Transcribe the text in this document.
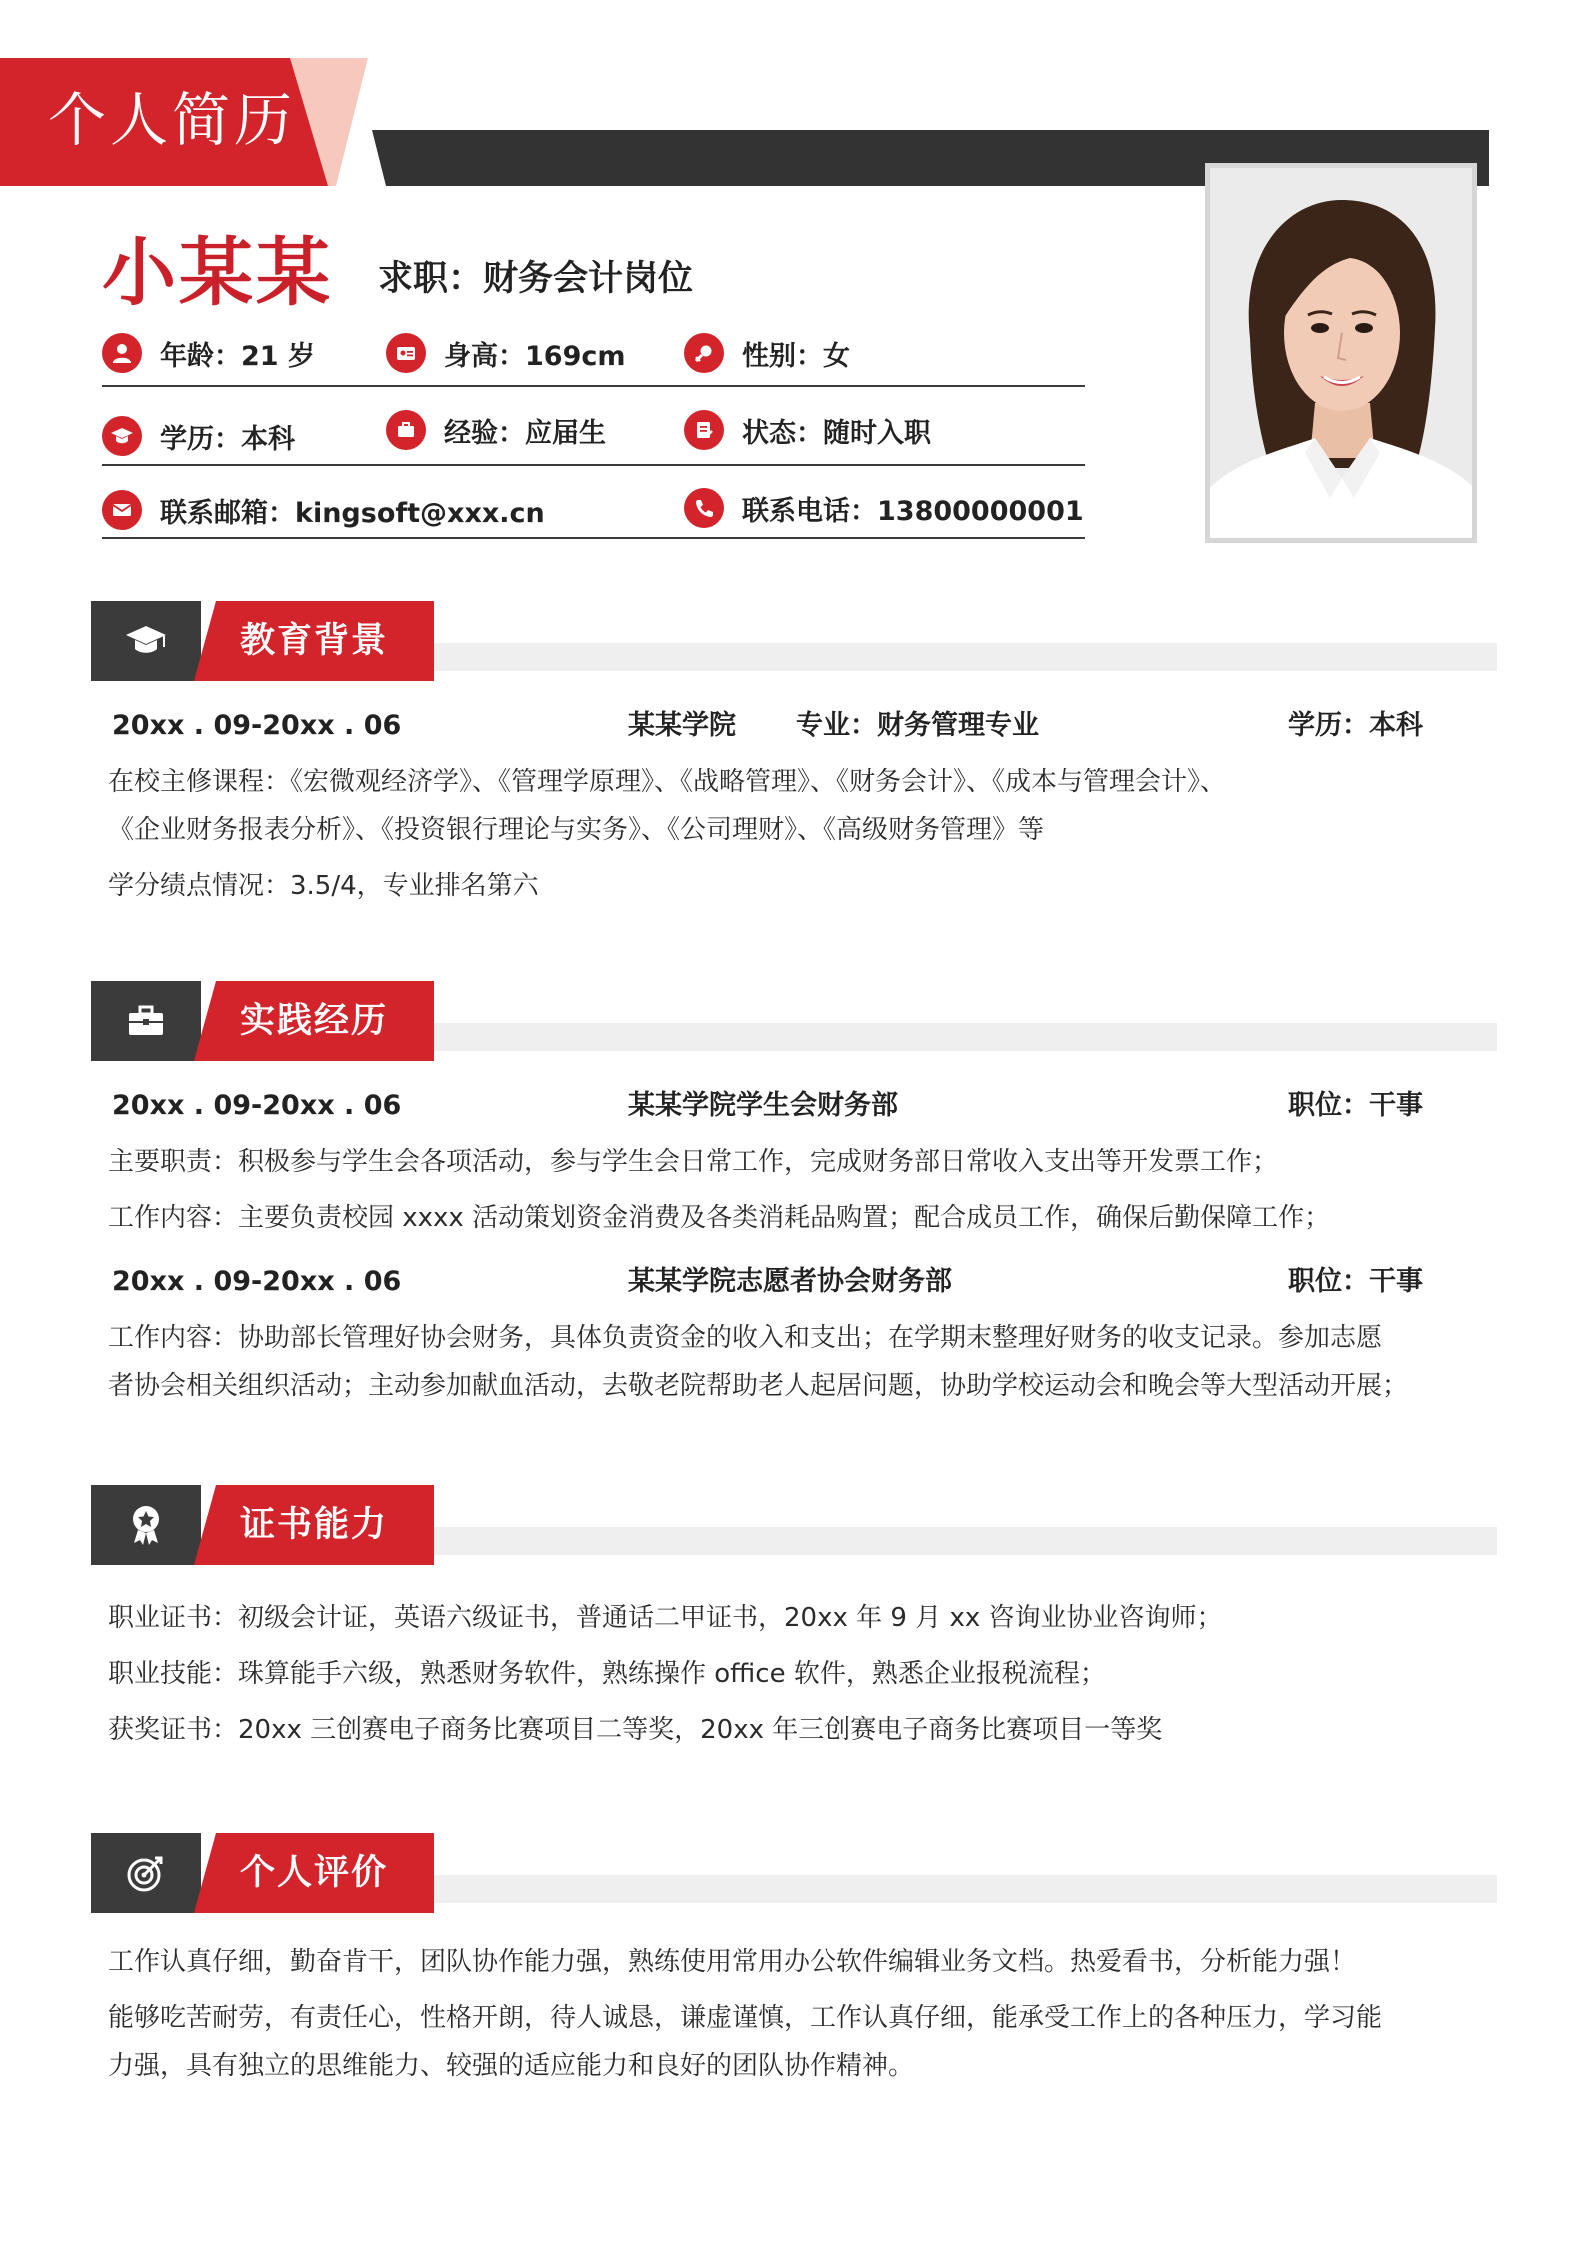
个人简历
小某某 求职：财务会计岗位
年龄：21 岁	身高：169cm	性别：女
学历：本科	经验：应届生	状态：随时入职
联系邮箱：kingsoft@xxx.cn	联系电话：13800000001
教育背景
20xx . 09-20xx . 06	某某学院 专业：财务管理专业	学历：本科
在校主修课程：《宏微观经济学》、《管理学原理》、《战略管理》、《财务会计》、《成本与管理会计》、
《企业财务报表分析》、《投资银行理论与实务》、《公司理财》、《高级财务管理》等
学分绩点情况：3.5/4，专业排名第六
实践经历
20xx . 09-20xx . 06	某某学院学生会财务部	职位：干事
主要职责：积极参与学生会各项活动，参与学生会日常工作，完成财务部日常收入支出等开发票工作；
工作内容：主要负责校园 xxxx 活动策划资金消费及各类消耗品购置；配合成员工作，确保后勤保障工作；
20xx . 09-20xx . 06	某某学院志愿者协会财务部	职位：干事
工作内容：协助部长管理好协会财务，具体负责资金的收入和支出；在学期末整理好财务的收支记录。参加志愿
者协会相关组织活动；主动参加献血活动，去敬老院帮助老人起居问题，协助学校运动会和晚会等大型活动开展；
证书能力
职业证书：初级会计证，英语六级证书，普通话二甲证书，20xx 年 9 月 xx 咨询业协业咨询师；
职业技能：珠算能手六级，熟悉财务软件，熟练操作 office 软件，熟悉企业报税流程；
获奖证书：20xx 三创赛电子商务比赛项目二等奖，20xx 年三创赛电子商务比赛项目一等奖
个人评价
工作认真仔细，勤奋肯干，团队协作能力强，熟练使用常用办公软件编辑业务文档。热爱看书，分析能力强！
能够吃苦耐劳，有责任心，性格开朗，待人诚恳，谦虚谨慎，工作认真仔细，能承受工作上的各种压力，学习能
力强，具有独立的思维能力、较强的适应能力和良好的团队协作精神。
